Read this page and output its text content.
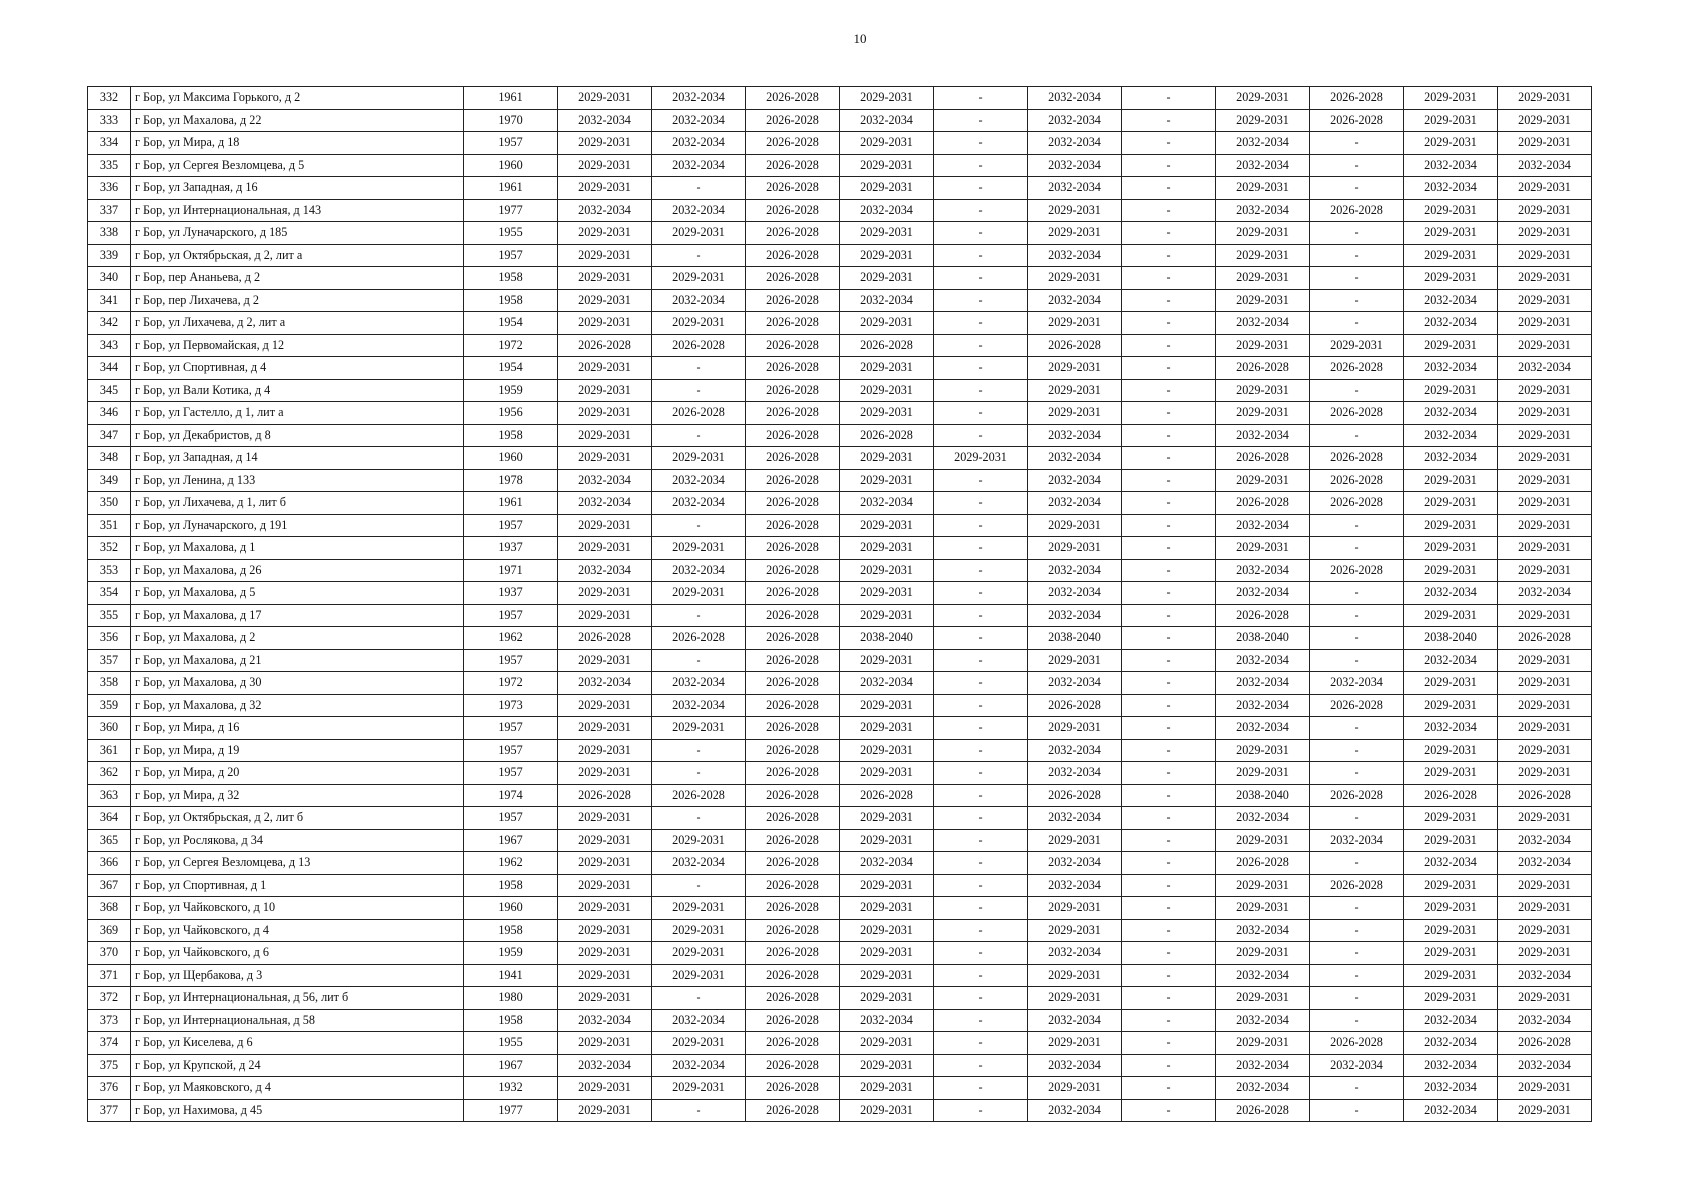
10
332	г Бор, ул Максима Горького, д 2	1961	2029-2031	2032-2034	2026-2028	2029-2031	-	2032-2034	-	2029-2031	2026-2028	2029-2031	2029-2031
333	г Бор, ул Махалова, д 22	1970	2032-2034	2032-2034	2026-2028	2032-2034	-	2032-2034	-	2029-2031	2026-2028	2029-2031	2029-2031
334	г Бор, ул Мира, д 18	1957	2029-2031	2032-2034	2026-2028	2029-2031	-	2032-2034	-	2032-2034	-	2029-2031	2029-2031
335	г Бор, ул Сергея Везломцева, д 5	1960	2029-2031	2032-2034	2026-2028	2029-2031	-	2032-2034	-	2032-2034	-	2032-2034	2032-2034
336	г Бор, ул Западная, д 16	1961	2029-2031	-	2026-2028	2029-2031	-	2032-2034	-	2029-2031	-	2032-2034	2029-2031
337	г Бор, ул Интернациональная, д 143	1977	2032-2034	2032-2034	2026-2028	2032-2034	-	2029-2031	-	2032-2034	2026-2028	2029-2031	2029-2031
338	г Бор, ул Луначарского, д 185	1955	2029-2031	2029-2031	2026-2028	2029-2031	-	2029-2031	-	2029-2031	-	2029-2031	2029-2031
339	г Бор, ул Октябрьская, д 2, лит а	1957	2029-2031	-	2026-2028	2029-2031	-	2032-2034	-	2029-2031	-	2029-2031	2029-2031
340	г Бор, пер Ананьева, д 2	1958	2029-2031	2029-2031	2026-2028	2029-2031	-	2029-2031	-	2029-2031	-	2029-2031	2029-2031
341	г Бор, пер Лихачева, д 2	1958	2029-2031	2032-2034	2026-2028	2032-2034	-	2032-2034	-	2029-2031	-	2032-2034	2029-2031
342	г Бор, ул Лихачева, д 2, лит а	1954	2029-2031	2029-2031	2026-2028	2029-2031	-	2029-2031	-	2032-2034	-	2032-2034	2029-2031
343	г Бор, ул Первомайская, д 12	1972	2026-2028	2026-2028	2026-2028	2026-2028	-	2026-2028	-	2029-2031	2029-2031	2029-2031	2029-2031
344	г Бор, ул Спортивная, д 4	1954	2029-2031	-	2026-2028	2029-2031	-	2029-2031	-	2026-2028	2026-2028	2032-2034	2032-2034
345	г Бор, ул Вали Котика, д 4	1959	2029-2031	-	2026-2028	2029-2031	-	2029-2031	-	2029-2031	-	2029-2031	2029-2031
346	г Бор, ул Гастелло, д 1, лит а	1956	2029-2031	2026-2028	2026-2028	2029-2031	-	2029-2031	-	2029-2031	2026-2028	2032-2034	2029-2031
347	г Бор, ул Декабристов, д 8	1958	2029-2031	-	2026-2028	2026-2028	-	2032-2034	-	2032-2034	-	2032-2034	2029-2031
348	г Бор, ул Западная, д 14	1960	2029-2031	2029-2031	2026-2028	2029-2031	2029-2031	2032-2034	-	2026-2028	2026-2028	2032-2034	2029-2031
349	г Бор, ул Ленина, д 133	1978	2032-2034	2032-2034	2026-2028	2029-2031	-	2032-2034	-	2029-2031	2026-2028	2029-2031	2029-2031
350	г Бор, ул Лихачева, д 1, лит б	1961	2032-2034	2032-2034	2026-2028	2032-2034	-	2032-2034	-	2026-2028	2026-2028	2029-2031	2029-2031
351	г Бор, ул Луначарского, д 191	1957	2029-2031	-	2026-2028	2029-2031	-	2029-2031	-	2032-2034	-	2029-2031	2029-2031
352	г Бор, ул Махалова, д 1	1937	2029-2031	2029-2031	2026-2028	2029-2031	-	2029-2031	-	2029-2031	-	2029-2031	2029-2031
353	г Бор, ул Махалова, д 26	1971	2032-2034	2032-2034	2026-2028	2029-2031	-	2032-2034	-	2032-2034	2026-2028	2029-2031	2029-2031
354	г Бор, ул Махалова, д 5	1937	2029-2031	2029-2031	2026-2028	2029-2031	-	2032-2034	-	2032-2034	-	2032-2034	2032-2034
355	г Бор, ул Махалова, д 17	1957	2029-2031	-	2026-2028	2029-2031	-	2032-2034	-	2026-2028	-	2029-2031	2029-2031
356	г Бор, ул Махалова, д 2	1962	2026-2028	2026-2028	2026-2028	2038-2040	-	2038-2040	-	2038-2040	-	2038-2040	2026-2028
357	г Бор, ул Махалова, д 21	1957	2029-2031	-	2026-2028	2029-2031	-	2029-2031	-	2032-2034	-	2032-2034	2029-2031
358	г Бор, ул Махалова, д 30	1972	2032-2034	2032-2034	2026-2028	2032-2034	-	2032-2034	-	2032-2034	2032-2034	2029-2031	2029-2031
359	г Бор, ул Махалова, д 32	1973	2029-2031	2032-2034	2026-2028	2029-2031	-	2026-2028	-	2032-2034	2026-2028	2029-2031	2029-2031
360	г Бор, ул Мира, д 16	1957	2029-2031	2029-2031	2026-2028	2029-2031	-	2029-2031	-	2032-2034	-	2032-2034	2029-2031
361	г Бор, ул Мира, д 19	1957	2029-2031	-	2026-2028	2029-2031	-	2032-2034	-	2029-2031	-	2029-2031	2029-2031
362	г Бор, ул Мира, д 20	1957	2029-2031	-	2026-2028	2029-2031	-	2032-2034	-	2029-2031	-	2029-2031	2029-2031
363	г Бор, ул Мира, д 32	1974	2026-2028	2026-2028	2026-2028	2026-2028	-	2026-2028	-	2038-2040	2026-2028	2026-2028	2026-2028
364	г Бор, ул Октябрьская, д 2, лит б	1957	2029-2031	-	2026-2028	2029-2031	-	2032-2034	-	2032-2034	-	2029-2031	2029-2031
365	г Бор, ул Рослякова, д 34	1967	2029-2031	2029-2031	2026-2028	2029-2031	-	2029-2031	-	2029-2031	2032-2034	2029-2031	2032-2034
366	г Бор, ул Сергея Везломцева, д 13	1962	2029-2031	2032-2034	2026-2028	2032-2034	-	2032-2034	-	2026-2028	-	2032-2034	2032-2034
367	г Бор, ул Спортивная, д 1	1958	2029-2031	-	2026-2028	2029-2031	-	2032-2034	-	2029-2031	2026-2028	2029-2031	2029-2031
368	г Бор, ул Чайковского, д 10	1960	2029-2031	2029-2031	2026-2028	2029-2031	-	2029-2031	-	2029-2031	-	2029-2031	2029-2031
369	г Бор, ул Чайковского, д 4	1958	2029-2031	2029-2031	2026-2028	2029-2031	-	2029-2031	-	2032-2034	-	2029-2031	2029-2031
370	г Бор, ул Чайковского, д 6	1959	2029-2031	2029-2031	2026-2028	2029-2031	-	2032-2034	-	2029-2031	-	2029-2031	2029-2031
371	г Бор, ул Щербакова, д 3	1941	2029-2031	2029-2031	2026-2028	2029-2031	-	2029-2031	-	2032-2034	-	2029-2031	2032-2034
372	г Бор, ул Интернациональная, д 56, лит б	1980	2029-2031	-	2026-2028	2029-2031	-	2029-2031	-	2029-2031	-	2029-2031	2029-2031
373	г Бор, ул Интернациональная, д 58	1958	2032-2034	2032-2034	2026-2028	2032-2034	-	2032-2034	-	2032-2034	-	2032-2034	2032-2034
374	г Бор, ул Киселева, д 6	1955	2029-2031	2029-2031	2026-2028	2029-2031	-	2029-2031	-	2029-2031	2026-2028	2032-2034	2026-2028
375	г Бор, ул Крупской, д 24	1967	2032-2034	2032-2034	2026-2028	2029-2031	-	2032-2034	-	2032-2034	2032-2034	2032-2034	2032-2034
376	г Бор, ул Маяковского, д 4	1932	2029-2031	2029-2031	2026-2028	2029-2031	-	2029-2031	-	2032-2034	-	2032-2034	2029-2031
377	г Бор, ул Нахимова, д 45	1977	2029-2031	-	2026-2028	2029-2031	-	2032-2034	-	2026-2028	-	2032-2034	2029-2031
